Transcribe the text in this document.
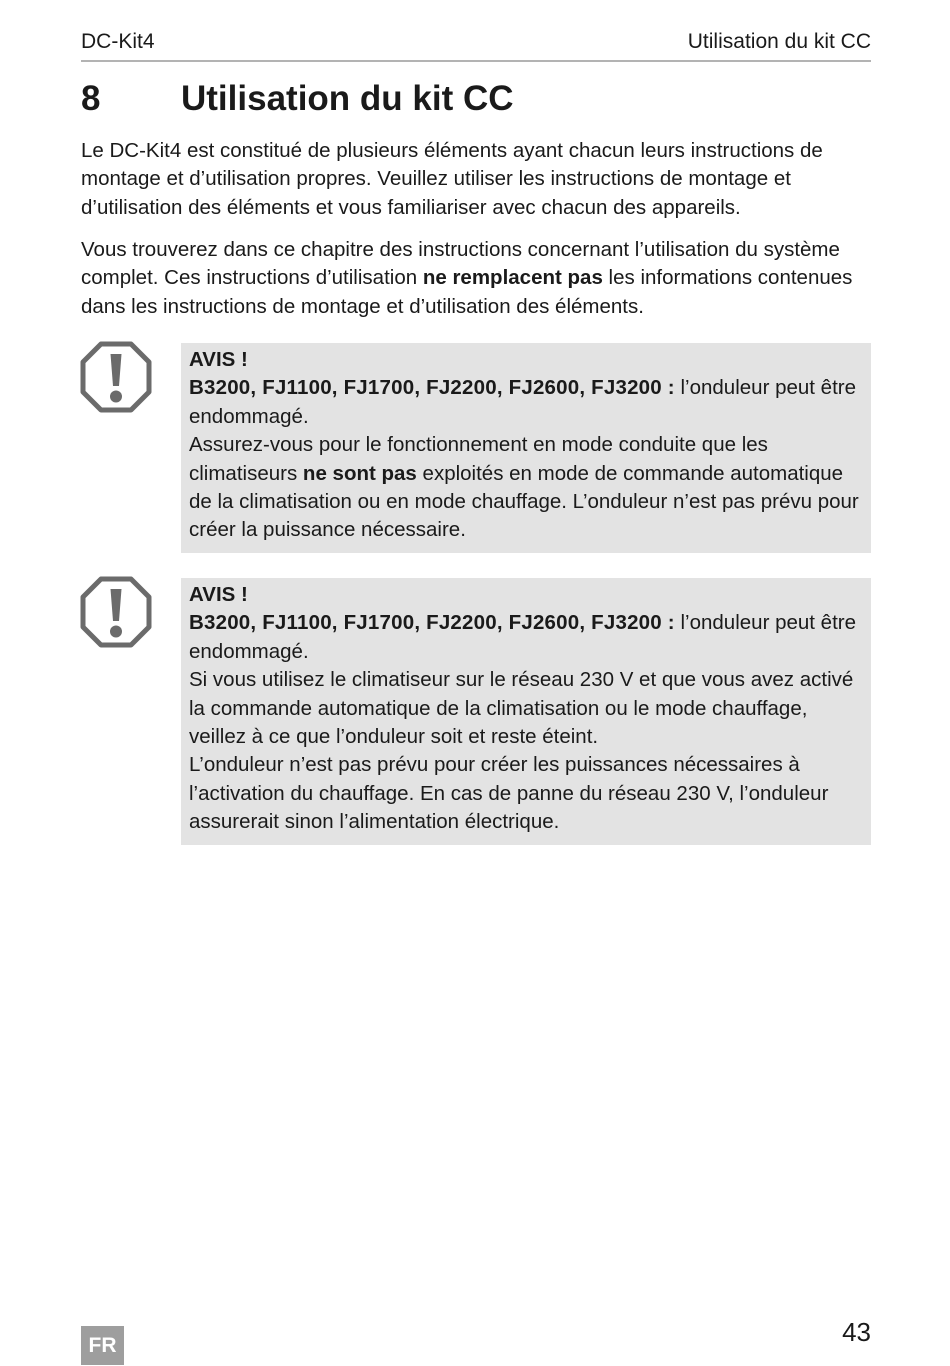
DC-Kit4	Utilisation du kit CC
8 Utilisation du kit CC

Le DC-Kit4 est constitué de plusieurs éléments ayant chacun leurs instructions de montage et d’utilisation propres. Veuillez utiliser les instructions de montage et d’utilisation des éléments et vous familiariser avec chacun des appareils.

Vous trouverez dans ce chapitre des instructions concernant l’utilisation du système complet. Ces instructions d’utilisation ne remplacent pas les informations contenues dans les instructions de montage et d’utilisation des éléments.

AVIS !
B3200, FJ1100, FJ1700, FJ2200, FJ2600, FJ3200 : l’onduleur peut être endommagé.
Assurez-vous pour le fonctionnement en mode conduite que les climatiseurs ne sont pas exploités en mode de commande automatique de la climatisation ou en mode chauffage. L’onduleur n’est pas prévu pour créer la puissance nécessaire.
AVIS !
B3200, FJ1100, FJ1700, FJ2200, FJ2600, FJ3200 : l’onduleur peut être endommagé.
Si vous utilisez le climatiseur sur le réseau 230 V et que vous avez activé la commande automatique de la climatisation ou le mode chauffage, veillez à ce que l’onduleur soit et reste éteint.
L’onduleur n’est pas prévu pour créer les puissances nécessaires à l’activation du chauffage. En cas de panne du réseau 230 V, l’onduleur assurerait sinon l’alimentation électrique.
FR	43
